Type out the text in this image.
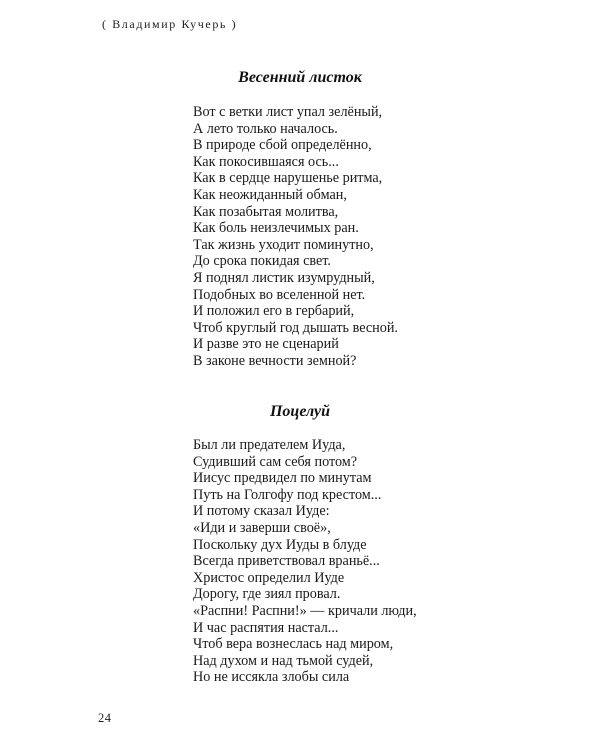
( Владимир Кучерь )
Весенний листок
Вот с ветки лист упал зелёный,
А лето только началось.
В природе сбой определённо,
Как покосившаяся ось...
Как в сердце нарушенье ритма,
Как неожиданный обман,
Как позабытая молитва,
Как боль неизлечимых ран.
Так жизнь уходит поминутно,
До срока покидая свет.
Я поднял листик изумрудный,
Подобных во вселенной нет.
И положил его в гербарий,
Чтоб круглый год дышать весной.
И разве это не сценарий
В законе вечности земной?
Поцелуй
Был ли предателем Иуда,
Судивший сам себя потом?
Иисус предвидел по минутам
Путь на Голгофу под крестом...
И потому сказал Иуде:
«Иди и заверши своё»,
Поскольку дух Иуды в блуде
Всегда приветствовал враньё...
Христос определил Иуде
Дорогу, где зиял провал.
«Распни! Распни!» — кричали люди,
И час распятия настал...
Чтоб вера вознеслась над миром,
Над духом и над тьмой судей,
Но не иссякла злобы сила
24
